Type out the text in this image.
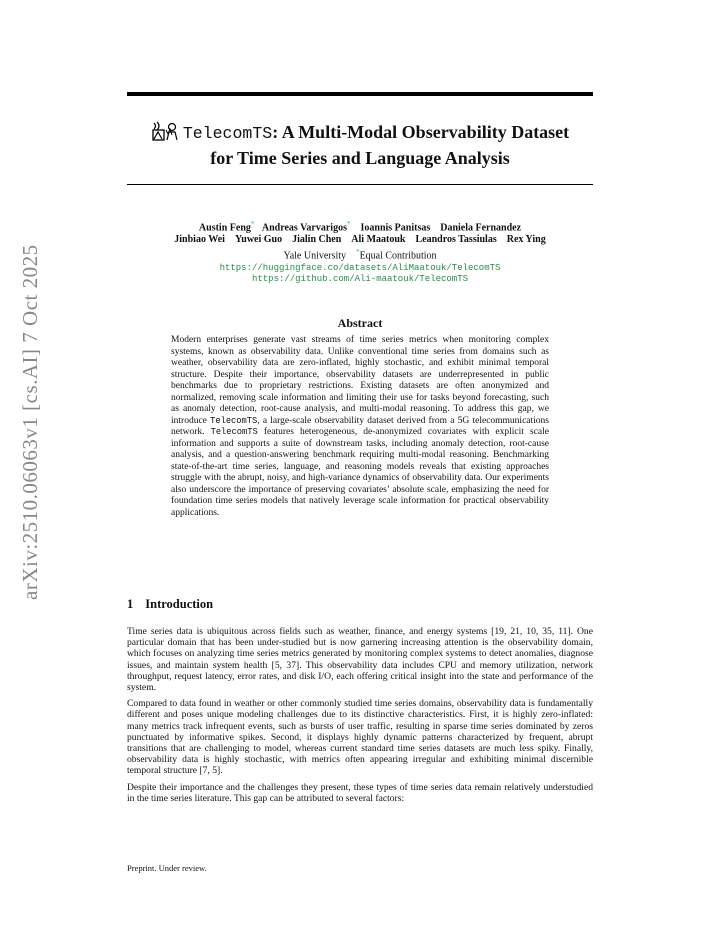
arXiv:2510.06063v1 [cs.AI] 7 Oct 2025
TelecomTS: A Multi-Modal Observability Dataset
for Time Series and Language Analysis
Austin Feng* Andreas Varvarigos* Ioannis Panitsas Daniela Fernandez
Jinbiao Wei Yuwei Guo Jialin Chen Ali Maatouk Leandros Tassiulas Rex Ying
Yale University *Equal Contribution
https://huggingface.co/datasets/AliMaatouk/TelecomTS
https://github.com/Ali-maatouk/TelecomTS
Abstract
Modern enterprises generate vast streams of time series metrics when monitoring complex systems, known as observability data. Unlike conventional time series from domains such as weather, observability data are zero-inflated, highly stochastic, and exhibit minimal temporal structure. Despite their importance, observability datasets are underrepresented in public benchmarks due to proprietary restrictions. Existing datasets are often anonymized and normalized, removing scale information and limiting their use for tasks beyond forecasting, such as anomaly detection, root-cause analysis, and multi-modal reasoning. To address this gap, we introduce TelecomTS, a large-scale observability dataset derived from a 5G telecommunications network. TelecomTS features heterogeneous, de-anonymized covariates with explicit scale information and supports a suite of downstream tasks, including anomaly detection, root-cause analysis, and a question-answering benchmark requiring multi-modal reasoning. Benchmarking state-of-the-art time series, language, and reasoning models reveals that existing approaches struggle with the abrupt, noisy, and high-variance dynamics of observability data. Our experiments also underscore the importance of preserving covariates’ absolute scale, emphasizing the need for foundation time series models that natively leverage scale information for practical observability applications.
1 Introduction

Time series data is ubiquitous across fields such as weather, finance, and energy systems [19, 21, 10, 35, 11]. One particular domain that has been under-studied but is now garnering increasing attention is the observability domain, which focuses on analyzing time series metrics generated by monitoring complex systems to detect anomalies, diagnose issues, and maintain system health [5, 37]. This observability data includes CPU and memory utilization, network throughput, request latency, error rates, and disk I/O, each offering critical insight into the state and performance of the system.

Compared to data found in weather or other commonly studied time series domains, observability data is fundamentally different and poses unique modeling challenges due to its distinctive characteristics. First, it is highly zero-inflated: many metrics track infrequent events, such as bursts of user traffic, resulting in sparse time series dominated by zeros punctuated by informative spikes. Second, it displays highly dynamic patterns characterized by frequent, abrupt transitions that are challenging to model, whereas current standard time series datasets are much less spiky. Finally, observability data is highly stochastic, with metrics often appearing irregular and exhibiting minimal discernible temporal structure [7, 5].

Despite their importance and the challenges they present, these types of time series data remain relatively understudied in the time series literature. This gap can be attributed to several factors:

Preprint. Under review.
